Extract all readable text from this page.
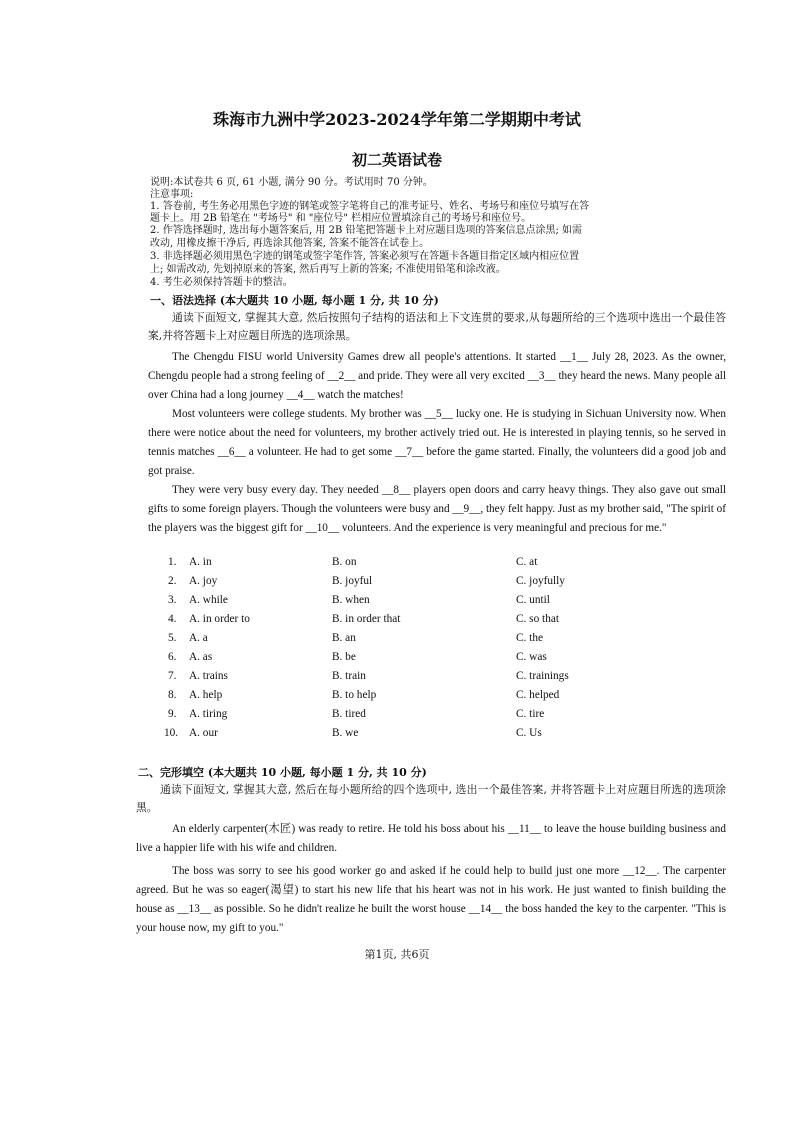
珠海市九洲中学2023-2024学年第二学期期中考试
初二英语试卷
说明:本试卷共 6 页, 61 小题, 满分 90 分。考试用时 70 分钟。
注意事项:
1. 答卷前, 考生务必用黑色字迹的钢笔或签字笔将自己的准考证号、姓名、考场号和座位号填写在答
题卡上。用 2B 铅笔在 "考场号" 和 "座位号" 栏相应位置填涂自己的考场号和座位号。
2. 作答选择题时, 选出每小题答案后, 用 2B 铅笔把答题卡上对应题目选项的答案信息点涂黑; 如需
改动, 用橡皮擦干净后, 再选涂其他答案, 答案不能答在试卷上。
3. 非选择题必须用黑色字迹的钢笔或签字笔作答, 答案必须写在答题卡各题目指定区域内相应位置
上; 如需改动, 先划掉原来的答案, 然后再写上新的答案; 不准使用铅笔和涂改液。
4. 考生必须保持答题卡的整洁。
一、语法选择 (本大题共 10 小题, 每小题 1 分, 共 10 分)
通读下面短文, 掌握其大意, 然后按照句子结构的语法和上下文连贯的要求,从每题所给的三个选项中选出一个最佳答案,并将答题卡上对应题目所选的选项涂黑。
The Chengdu FISU world University Games drew all people's attentions. It started __1__ July 28, 2023. As the owner, Chengdu people had a strong feeling of __2__ and pride. They were all very excited __3__ they heard the news. Many people all over China had a long journey __4__ watch the matches!
Most volunteers were college students. My brother was __5__ lucky one. He is studying in Sichuan University now. When there were notice about the need for volunteers, my brother actively tried out. He is interested in playing tennis, so he served in tennis matches __6__ a volunteer. He had to get some __7__ before the game started. Finally, the volunteers did a good job and got praise.
They were very busy every day. They needed __8__ players open doors and carry heavy things. They also gave out small gifts to some foreign players. Though the volunteers were busy and __9__, they felt happy. Just as my brother said, "The spirit of the players was the biggest gift for __10__ volunteers. And the experience is very meaningful and precious for me."
1. A. in	B. on	C. at
2. A. joy	B. joyful	C. joyfully
3. A. while	B. when	C. until
4. A. in order to	B. in order that	C. so that
5. A. a	B. an	C. the
6. A. as	B. be	C. was
7. A. trains	B. train	C. trainings
8. A. help	B. to help	C. helped
9. A. tiring	B. tired	C. tire
10. A. our	B. we	C. Us
二、完形填空 (本大题共 10 小题, 每小题 1 分, 共 10 分)
通读下面短文, 掌握其大意, 然后在每小题所给的四个选项中, 选出一个最佳答案, 并将答题卡上对应题目所选的选项涂黑。
An elderly carpenter(木匠) was ready to retire. He told his boss about his __11__ to leave the house building business and live a happier life with his wife and children.
The boss was sorry to see his good worker go and asked if he could help to build just one more __12__. The carpenter agreed. But he was so eager(渴望) to start his new life that his heart was not in his work. He just wanted to finish building the house as __13__ as possible. So he didn't realize he built the worst house __14__ the boss handed the key to the carpenter. "This is your house now, my gift to you."
第1页, 共6页
